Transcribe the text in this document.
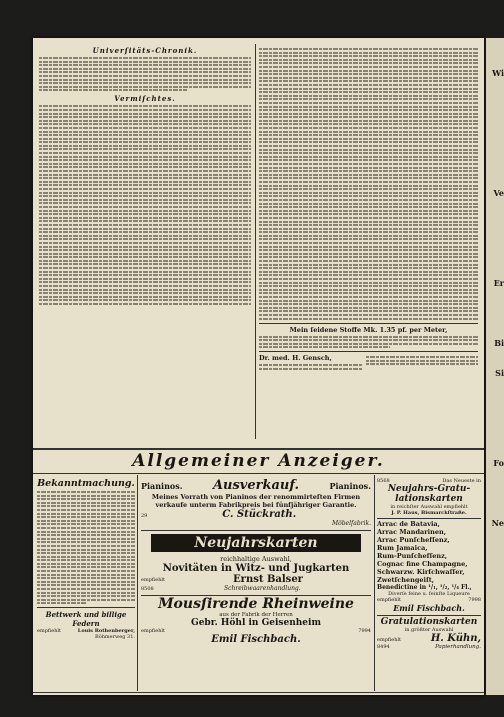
Univerſitäts-Chronik.
Vermiſchtes.
Mein ſeidene Stoffe Mk. 1.35 pf. per Meter,
Dr. med. H. Gensch,
Allgemeiner Anzeiger.
Bekanntmachung.
Bettwerk und billige Federn
empfiehlt	Louis Rothenberger,
Böhmerweg 31.
Pianinos. Ausverkauf.	Pianinos.
Meines Vorrath von Pianinos der renommirteſten Firmen verkaufe unterm Fabrikpreis bei fünfjähriger Garantie.
29	C. Stückrath.
Möbelfabrik.
Neujahrskarten
reichhaltige Auswahl,
Novitäten in Witz- und Jugkarten
empfiehlt	Ernst Balser
8508	Schreibwaarenhandlung.
Mousſirende Rheinweine
aus der Fabrik der Herren
Gebr. Höhl in Geisenheim
empfiehlt	7994
Emil Fischbach.
8568	Das Neueste in
Neujahrs-Gratu-
lationskarten
in reichſter Auswahl empfiehlt
J. P. Haus, Bismarckſtraße.
Arrac de Batavia,
Arrac Mandarinen,
Arrac Punſchefſenz,
Rum Jamaica,
Rum-Punſchefſenz,
Cognac fine Champagne,
Schwarzw. Kirſchwaſſer,
Zwetſchengeiſt,
Benedictine in ¹/₁, ¹/₂, ¹/₄ Fl.,
Diverſe feine u. feinſte Liqueure
empfiehlt	7998
Emil Fischbach.
Gratulationskarten
in größter Auswahl
empfiehlt	H. Kühn,
8494	Papierhandlung.
Wi
Ve
Er
Bi
Si
Fo
Ne
